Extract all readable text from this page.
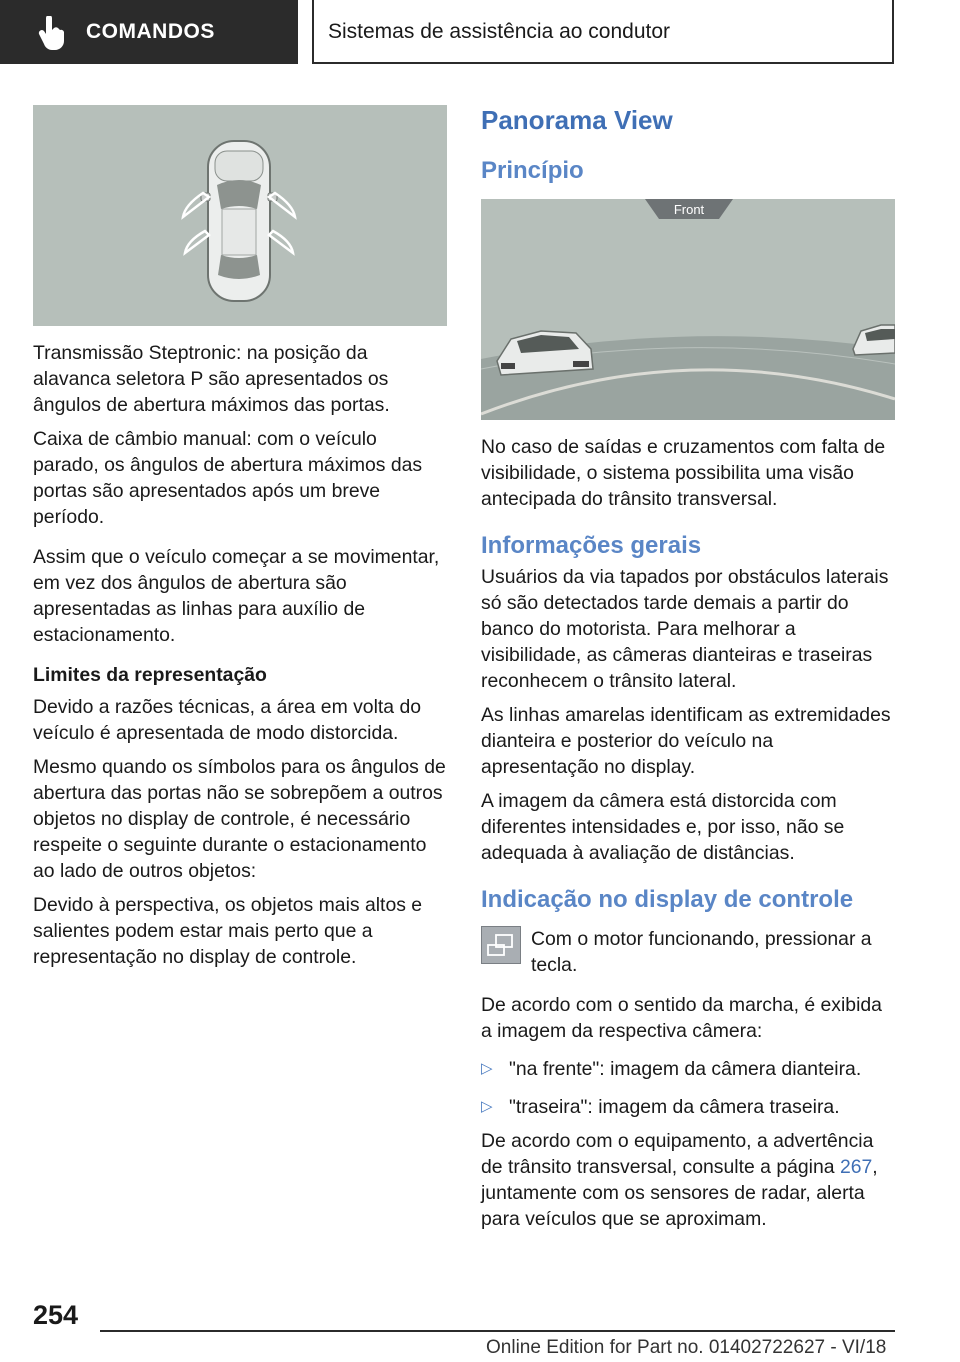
COMANDOS	Sistemas de assistência ao condutor

Transmissão Steptronic: na posição da alavanca seletora P são apresentados os ângulos de abertura máximos das portas.

Caixa de câmbio manual: com o veículo parado, os ângulos de abertura máximos das portas são apresentados após um breve período.

Assim que o veículo começar a se movimentar, em vez dos ângulos de abertura são apresentadas as linhas para auxílio de estacionamento.

Limites da representação

Devido a razões técnicas, a área em volta do veículo é apresentada de modo distorcida.

Mesmo quando os símbolos para os ângulos de abertura das portas não se sobrepõem a outros objetos no display de controle, é necessário respeite o seguinte durante o estacionamento ao lado de outros objetos:

Devido à perspectiva, os objetos mais altos e salientes podem estar mais perto que a representação no display de controle.

Panorama View

Princípio

Front

No caso de saídas e cruzamentos com falta de visibilidade, o sistema possibilita uma visão antecipada do trânsito transversal.

Informações gerais

Usuários da via tapados por obstáculos laterais só são detectados tarde demais a partir do banco do motorista. Para melhorar a visibilidade, as câmeras dianteiras e traseiras reconhecem o trânsito lateral.

As linhas amarelas identificam as extremidades dianteira e posterior do veículo na apresentação no display.

A imagem da câmera está distorcida com diferentes intensidades e, por isso, não se adequada à avaliação de distâncias.

Indicação no display de controle

Com o motor funcionando, pressionar a tecla.

De acordo com o sentido da marcha, é exibida a imagem da respectiva câmera:

▷ "na frente": imagem da câmera dianteira.

▷ "traseira": imagem da câmera traseira.

De acordo com o equipamento, a advertência de trânsito transversal, consulte a página 267, juntamente com os sensores de radar, alerta para veículos que se aproximam.

254
Online Edition for Part no. 01402722627 - VI/18
